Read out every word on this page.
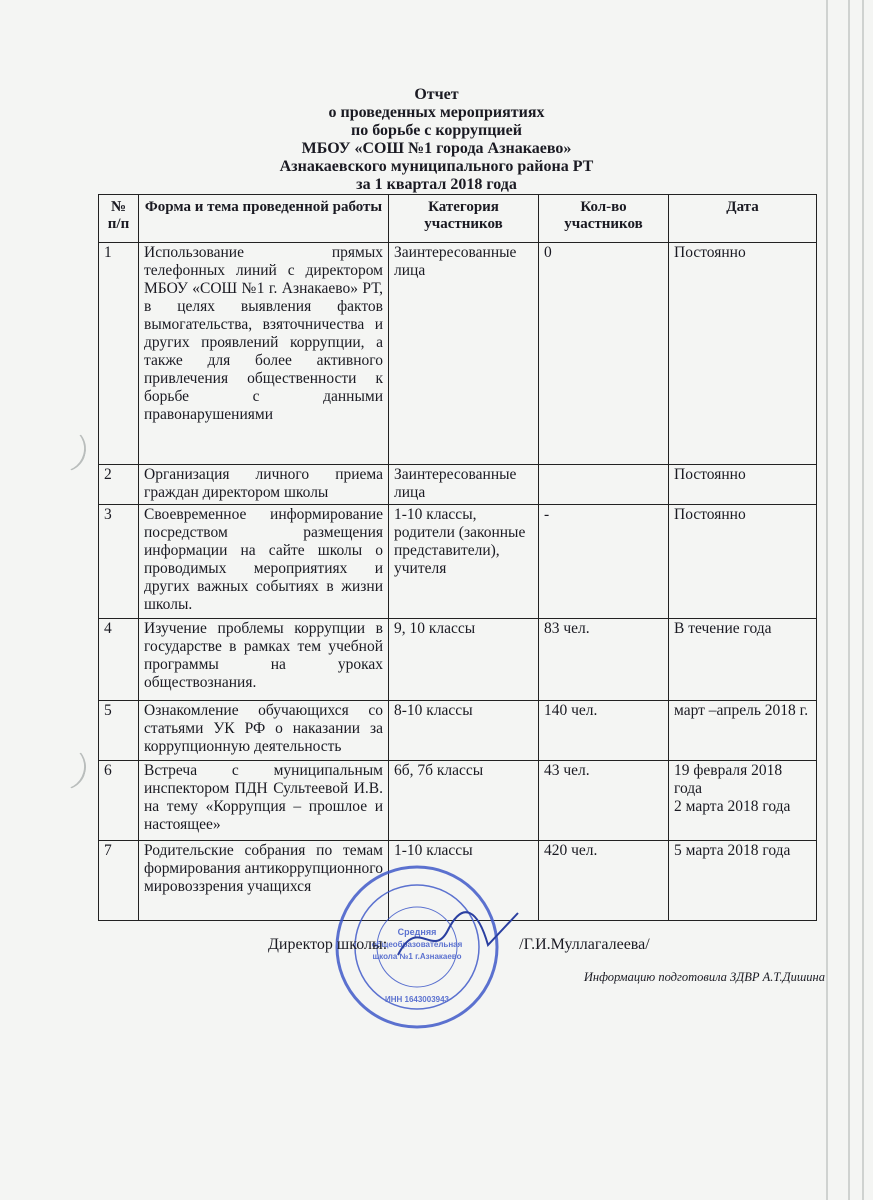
Отчет
о проведенных мероприятиях
по борьбе с коррупцией
МБОУ «СОШ №1 города Азнакаево»
Азнакаевского муниципального района РТ
за 1 квартал 2018 года
№ п/п	Форма и тема проведенной работы	Категория участников	Кол-во участников	Дата
1	Использование прямых телефонных линий с директором МБОУ «СОШ №1 г. Азнакаево» РТ, в целях выявления фактов вымогательства, взяточничества и других проявлений коррупции, а также для более активного привлечения общественности к борьбе с данными правонарушениями	Заинтересованные лица	0	Постоянно
2	Организация личного приема граждан директором школы	Заинтересованные лица		Постоянно
3	Своевременное информирование посредством размещения информации на сайте школы о проводимых мероприятиях и других важных событиях в жизни школы.	1-10 классы, родители (законные представители), учителя	-	Постоянно
4	Изучение проблемы коррупции в государстве в рамках тем учебной программы на уроках обществознания.	9, 10 классы	83 чел.	В течение года
5	Ознакомление обучающихся со статьями УК РФ о наказании за коррупционную деятельность	8-10 классы	140 чел.	март –апрель 2018 г.
6	Встреча с муниципальным инспектором ПДН Сультеевой И.В. на тему «Коррупция – прошлое и настоящее»	6б, 7б классы	43 чел.	19 февраля 2018 года
2 марта 2018 года

7	Родительские собрания по темам формирования антикоррупционного мировоззрения учащихся	1-10 классы	420 чел.	5 марта 2018 года
Средняя
общеобразовательная
школа №1 г.Азнакаево
ИНН 1643003943
Директор школы:	/Г.И.Муллагалеева/
Информацию подготовила ЗДВР А.Т.Дишина
